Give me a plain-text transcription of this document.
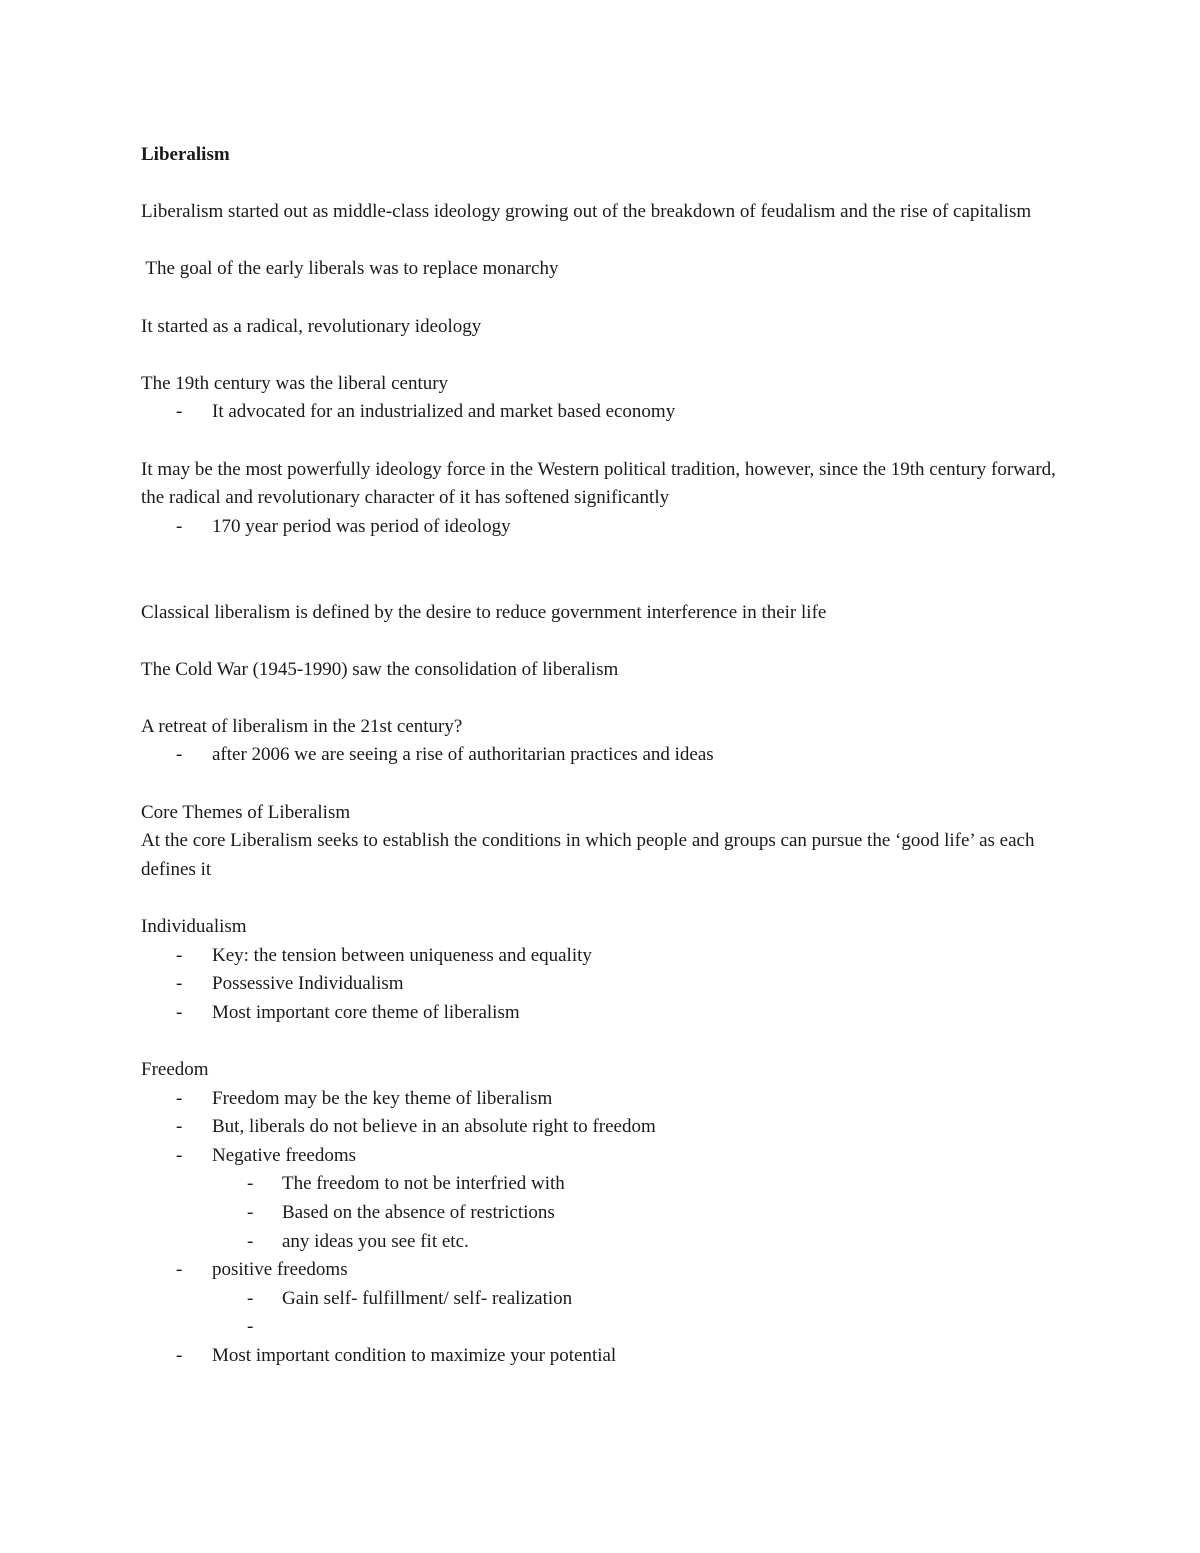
Liberalism

Liberalism started out as middle-class ideology growing out of the breakdown of feudalism and the rise of capitalism

The goal of the early liberals was to replace monarchy

It started as a radical, revolutionary ideology

The 19th century was the liberal century

- It advocated for an industrialized and market based economy

It may be the most powerfully ideology force in the Western political tradition, however, since the 19th century forward, the radical and revolutionary character of it has softened significantly

- 170 year period was period of ideology

Classical liberalism is defined by the desire to reduce government interference in their life

The Cold War (1945-1990) saw the consolidation of liberalism

A retreat of liberalism in the 21st century?

- after 2006 we are seeing a rise of authoritarian practices and ideas

Core Themes of Liberalism

At the core Liberalism seeks to establish the conditions in which people and groups can pursue the ‘good life’ as each defines it

Individualism

- Key: the tension between uniqueness and equality
- Possessive Individualism
- Most important core theme of liberalism

Freedom

- Freedom may be the key theme of liberalism
- But, liberals do not believe in an absolute right to freedom
- Negative freedoms
- The freedom to not be interfried with
- Based on the absence of restrictions
- any ideas you see fit etc.
- positive freedoms
- Gain self- fulfillment/ self- realization
-
- Most important condition to maximize your potential
